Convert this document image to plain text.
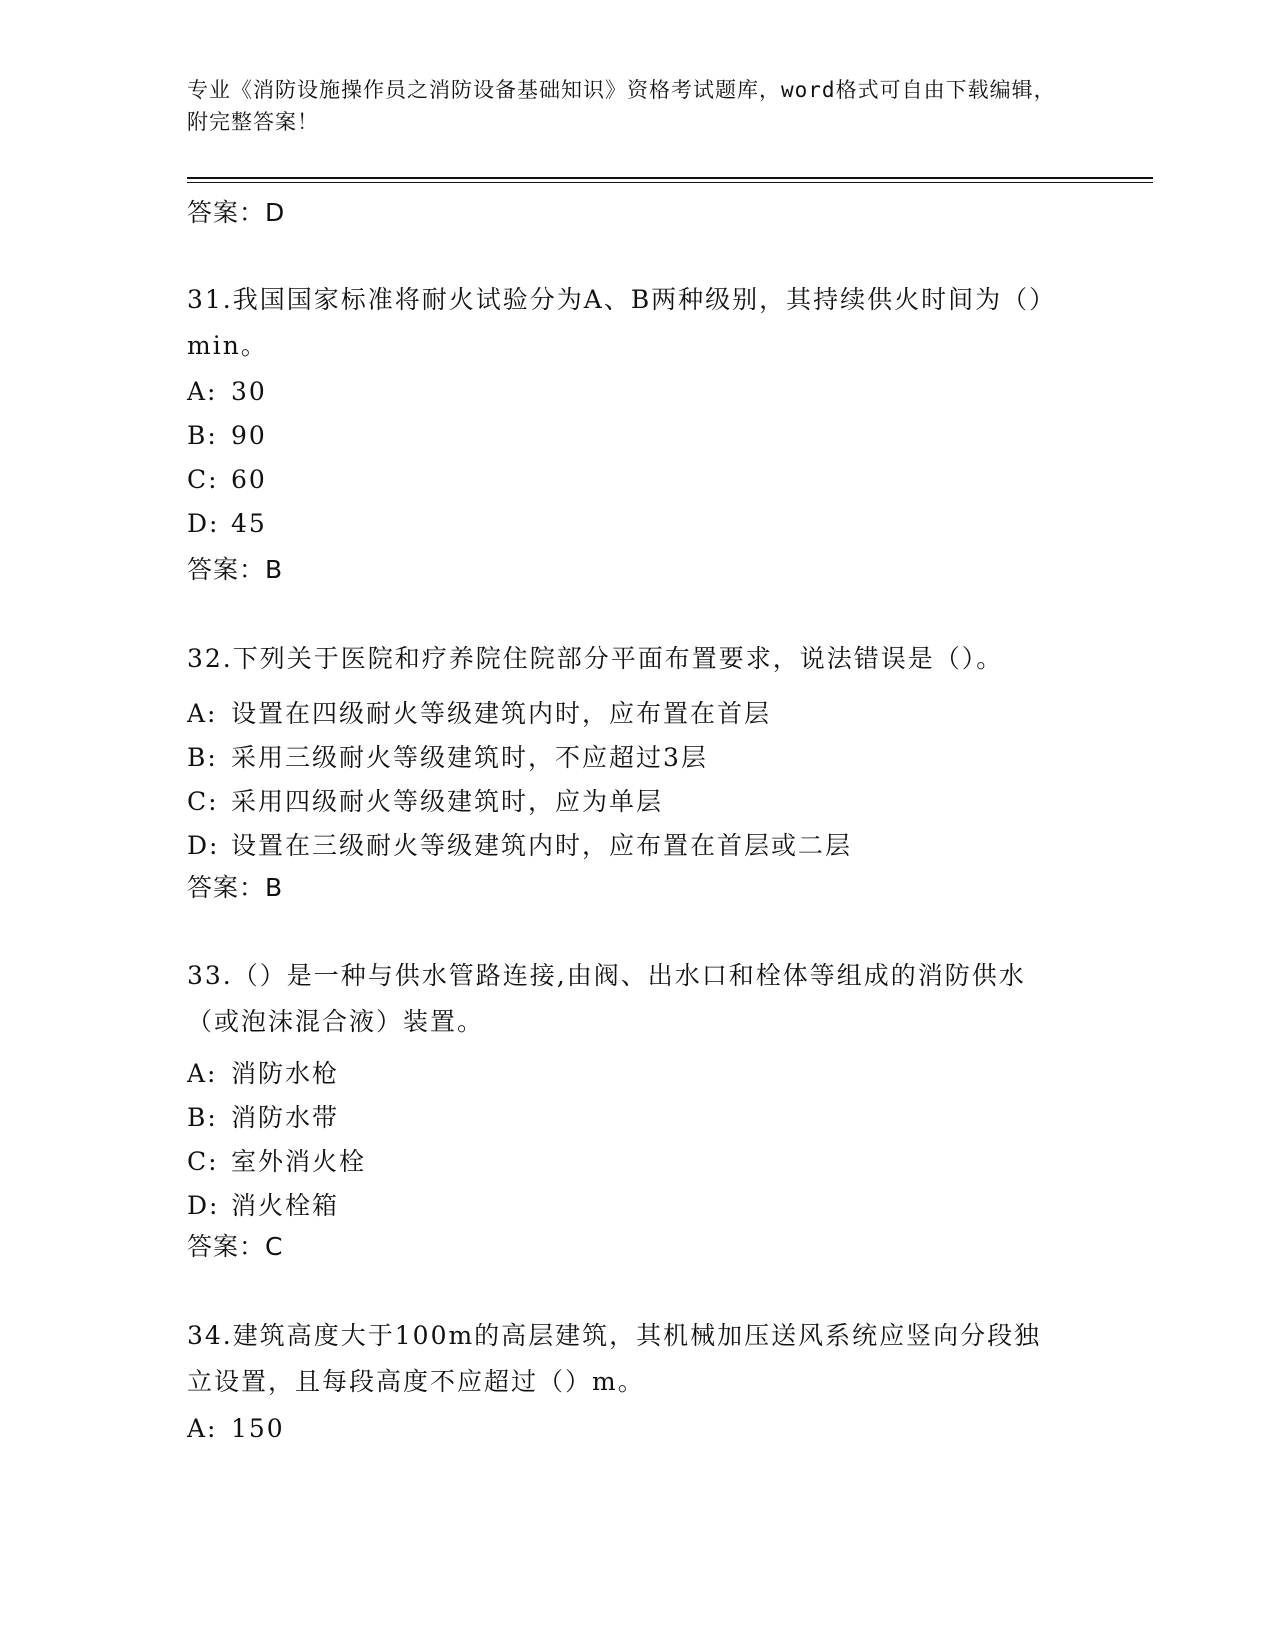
专业《消防设施操作员之消防设备基础知识》资格考试题库，word格式可自由下载编辑，附完整答案！
答案：D
31.我国国家标准将耐火试验分为A、B两种级别，其持续供火时间为（）min。
A: 30
B: 90
C: 60
D: 45
答案：B
32.下列关于医院和疗养院住院部分平面布置要求，说法错误是（）。
A: 设置在四级耐火等级建筑内时，应布置在首层
B: 采用三级耐火等级建筑时，不应超过3层
C: 采用四级耐火等级建筑时，应为单层
D: 设置在三级耐火等级建筑内时，应布置在首层或二层
答案：B
33.（）是一种与供水管路连接,由阀、出水口和栓体等组成的消防供水（或泡沫混合液）装置。
A: 消防水枪
B: 消防水带
C: 室外消火栓
D: 消火栓箱
答案：C
34.建筑高度大于100m的高层建筑，其机械加压送风系统应竖向分段独立设置，且每段高度不应超过（）m。
A: 150
